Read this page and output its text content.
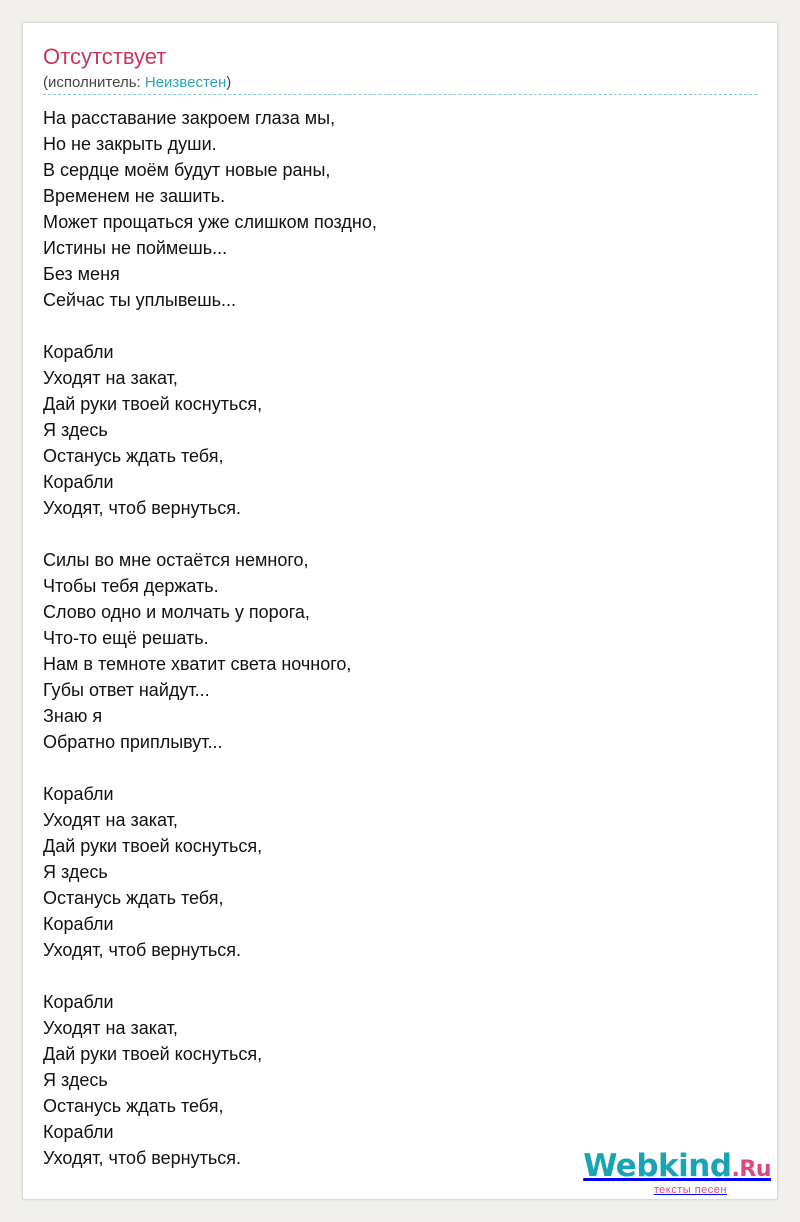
Отсутствует
(исполнитель: Неизвестен)
На расставание закроем глаза мы,
Но не закрыть души.
В сердце моём будут новые раны,
Временем не зашить.
Может прощаться уже слишком поздно,
Истины не поймешь...
Без меня
Сейчас ты уплывешь...
Корабли
Уходят на закат,
Дай руки твоей коснуться,
Я здесь
Останусь ждать тебя,
Корабли
Уходят, чтоб вернуться.
Силы во мне остаётся немного,
Чтобы тебя держать.
Слово одно и молчать у порога,
Что-то ещё решать.
Нам в темноте хватит света ночного,
Губы ответ найдут...
Знаю я
Обратно приплывут...
Корабли
Уходят на закат,
Дай руки твоей коснуться,
Я здесь
Останусь ждать тебя,
Корабли
Уходят, чтоб вернуться.
Корабли
Уходят на закат,
Дай руки твоей коснуться,
Я здесь
Останусь ждать тебя,
Корабли
Уходят, чтоб вернуться.	Webkind.Ru
тексты песен
